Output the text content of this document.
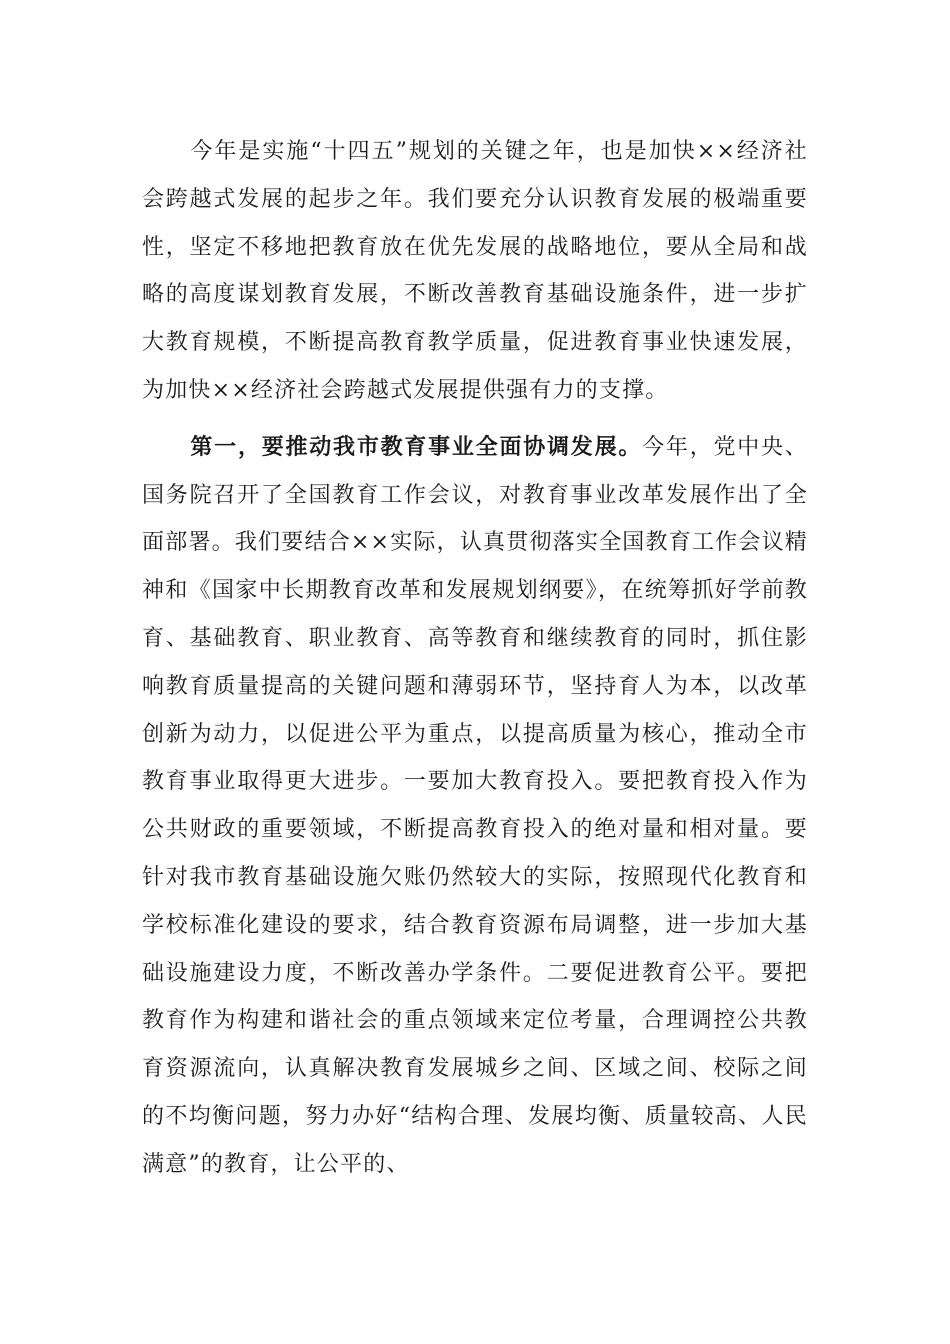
今年是实施“十四五”规划的关键之年，也是加快××经济社会跨越式发展的起步之年。我们要充分认识教育发展的极端重要性，坚定不移地把教育放在优先发展的战略地位，要从全局和战略的高度谋划教育发展，不断改善教育基础设施条件，进一步扩大教育规模，不断提高教育教学质量，促进教育事业快速发展，为加快××经济社会跨越式发展提供强有力的支撑。

第一，要推动我市教育事业全面协调发展。今年，党中央、国务院召开了全国教育工作会议，对教育事业改革发展作出了全面部署。我们要结合××实际，认真贯彻落实全国教育工作会议精神和《国家中长期教育改革和发展规划纲要》，在统筹抓好学前教育、基础教育、职业教育、高等教育和继续教育的同时，抓住影响教育质量提高的关键问题和薄弱环节，坚持育人为本，以改革创新为动力，以促进公平为重点，以提高质量为核心，推动全市教育事业取得更大进步。一要加大教育投入。要把教育投入作为公共财政的重要领域，不断提高教育投入的绝对量和相对量。要针对我市教育基础设施欠账仍然较大的实际，按照现代化教育和学校标准化建设的要求，结合教育资源布局调整，进一步加大基础设施建设力度，不断改善办学条件。二要促进教育公平。要把教育作为构建和谐社会的重点领域来定位考量，合理调控公共教育资源流向，认真解决教育发展城乡之间、区域之间、校际之间的不均衡问题，努力办好“结构合理、发展均衡、质量较高、人民满意”的教育，让公平的、
